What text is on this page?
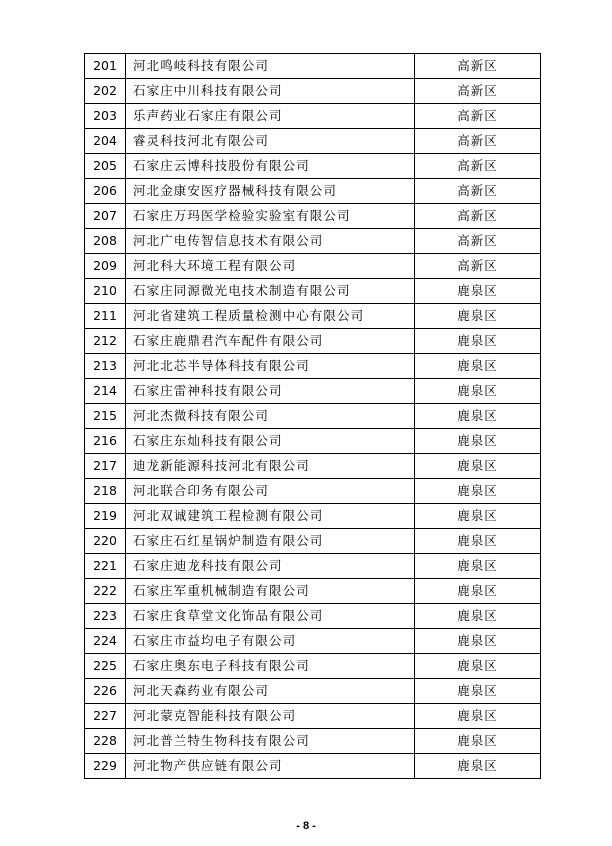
201	河北鸣岐科技有限公司	高新区
202	石家庄中川科技有限公司	高新区
203	乐声药业石家庄有限公司	高新区
204	睿灵科技河北有限公司	高新区
205	石家庄云博科技股份有限公司	高新区
206	河北金康安医疗器械科技有限公司	高新区
207	石家庄万玛医学检验实验室有限公司	高新区
208	河北广电传智信息技术有限公司	高新区
209	河北科大环境工程有限公司	高新区
210	石家庄同源微光电技术制造有限公司	鹿泉区
211	河北省建筑工程质量检测中心有限公司	鹿泉区
212	石家庄鹿鼎君汽车配件有限公司	鹿泉区
213	河北北芯半导体科技有限公司	鹿泉区
214	石家庄雷神科技有限公司	鹿泉区
215	河北杰微科技有限公司	鹿泉区
216	石家庄东灿科技有限公司	鹿泉区
217	迪龙新能源科技河北有限公司	鹿泉区
218	河北联合印务有限公司	鹿泉区
219	河北双诚建筑工程检测有限公司	鹿泉区
220	石家庄石红星锅炉制造有限公司	鹿泉区
221	石家庄迪龙科技有限公司	鹿泉区
222	石家庄军重机械制造有限公司	鹿泉区
223	石家庄食草堂文化饰品有限公司	鹿泉区
224	石家庄市益均电子有限公司	鹿泉区
225	石家庄奥东电子科技有限公司	鹿泉区
226	河北天森药业有限公司	鹿泉区
227	河北蒙克智能科技有限公司	鹿泉区
228	河北普兰特生物科技有限公司	鹿泉区
229	河北物产供应链有限公司	鹿泉区
- 8 -
